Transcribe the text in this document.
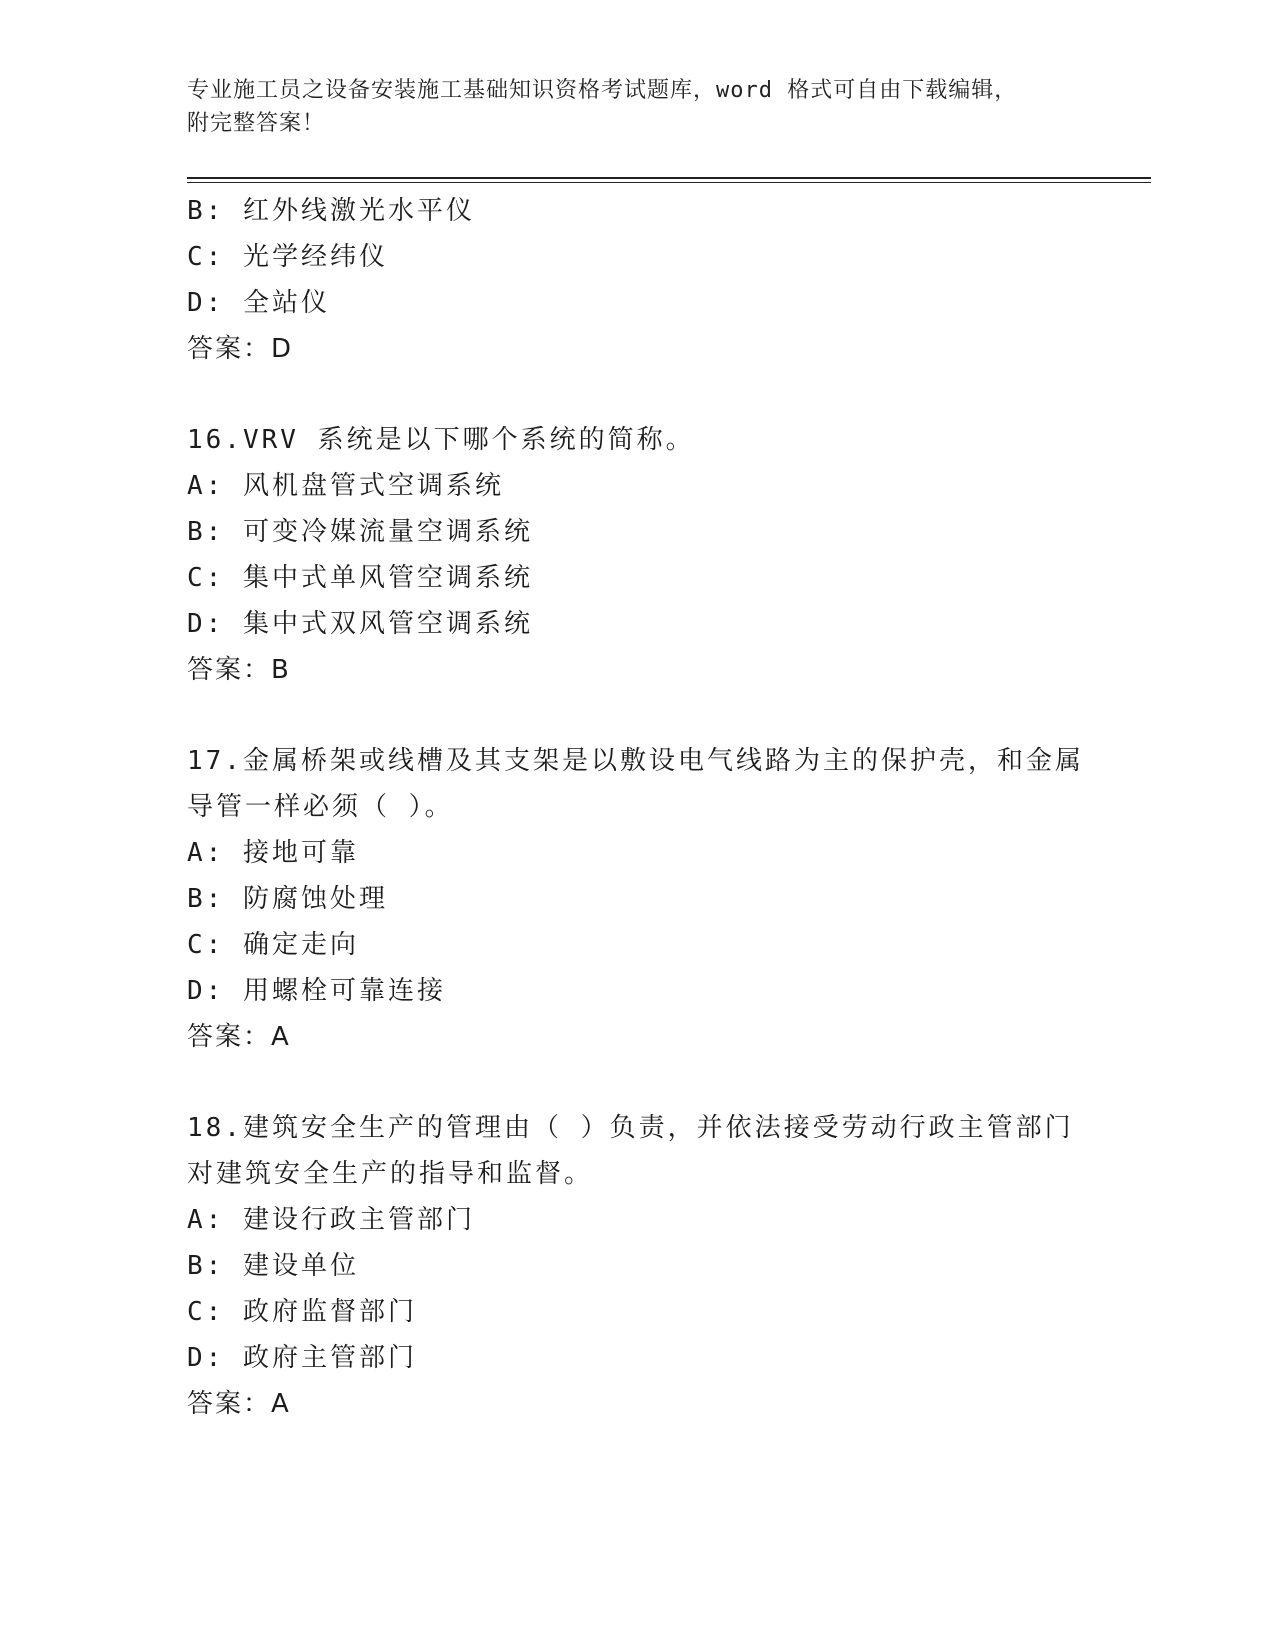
专业施工员之设备安装施工基础知识资格考试题库，word 格式可自由下载编辑，
附完整答案！
B: 红外线激光水平仪
C: 光学经纬仪
D: 全站仪
答案：D
16.VRV 系统是以下哪个系统的简称。
A: 风机盘管式空调系统
B: 可变冷媒流量空调系统
C: 集中式单风管空调系统
D: 集中式双风管空调系统
答案：B
17.金属桥架或线槽及其支架是以敷设电气线路为主的保护壳，和金属
导管一样必须（ ）。
A: 接地可靠
B: 防腐蚀处理
C: 确定走向
D: 用螺栓可靠连接
答案：A
18.建筑安全生产的管理由（ ）负责，并依法接受劳动行政主管部门
对建筑安全生产的指导和监督。
A: 建设行政主管部门
B: 建设单位
C: 政府监督部门
D: 政府主管部门
答案：A
